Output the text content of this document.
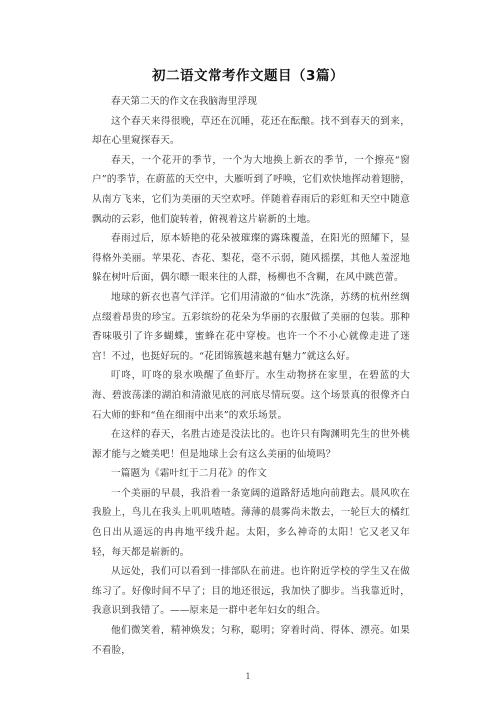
初二语文常考作文题目（3篇）

春天第二天的作文在我脑海里浮现

这个春天来得很晚，草还在沉睡，花还在酝酿。找不到春天的到来，却在心里窥探春天。

春天，一个花开的季节，一个为大地换上新衣的季节，一个擦亮“窗户”的季节，在蔚蓝的天空中，大雁听到了呼唤，它们欢快地挥动着翅膀，从南方飞来，它们为美丽的天空欢呼。伴随着春雨后的彩虹和天空中随意飘动的云彩，他们旋转着，俯视着这片崭新的土地。

春雨过后，原本娇艳的花朵被璀璨的露珠覆盖，在阳光的照耀下，显得格外美丽。苹果花、杏花、梨花，毫不示弱，随风摇摆，其他人羞涩地躲在树叶后面，偶尔瞟一眼来往的人群，杨柳也不含糊，在风中跳芭蕾。

地球的新衣也喜气洋洋。它们用清澈的“仙水”洗涤，苏绣的杭州丝绸点缀着昂贵的珍宝。五彩缤纷的花朵为华丽的衣服做了美丽的包装。那种香味吸引了许多蝴蝶，蜜蜂在花中穿梭。也许一个不小心就像走进了迷宫！不过，也挺好玩的。“花团锦簇越来越有魅力”就这么好。

叮咚，叮咚的泉水唤醒了鱼虾厅。水生动物挤在家里，在碧蓝的大海、碧波荡漾的湖泊和清澈见底的河底尽情玩耍。这个场景真的很像齐白石大师的虾和“鱼在细雨中出来”的欢乐场景。

在这样的春天，名胜古迹是没法比的。也许只有陶渊明先生的世外桃源才能与之媲美吧！但是地球上会有这么美丽的仙境吗？

一篇题为《霜叶红于二月花》的作文

一个美丽的早晨，我沿着一条宽阔的道路舒适地向前跑去。晨风吹在我脸上，鸟儿在我头上叽叽喳喳。薄薄的晨雾尚未散去，一轮巨大的橘红色日出从遥远的冉冉地平线升起。太阳，多么神奇的太阳！它又老又年轻，每天都是崭新的。

从远处，我们可以看到一排部队在前进。也许附近学校的学生又在做练习了。好像时间不早了；目的地还很远，我加快了脚步。当我靠近时，我意识到我错了。——原来是一群中老年妇女的组合。

他们微笑着，精神焕发；匀称，聪明；穿着时尚、得体、漂亮。如果不看脸，

1
